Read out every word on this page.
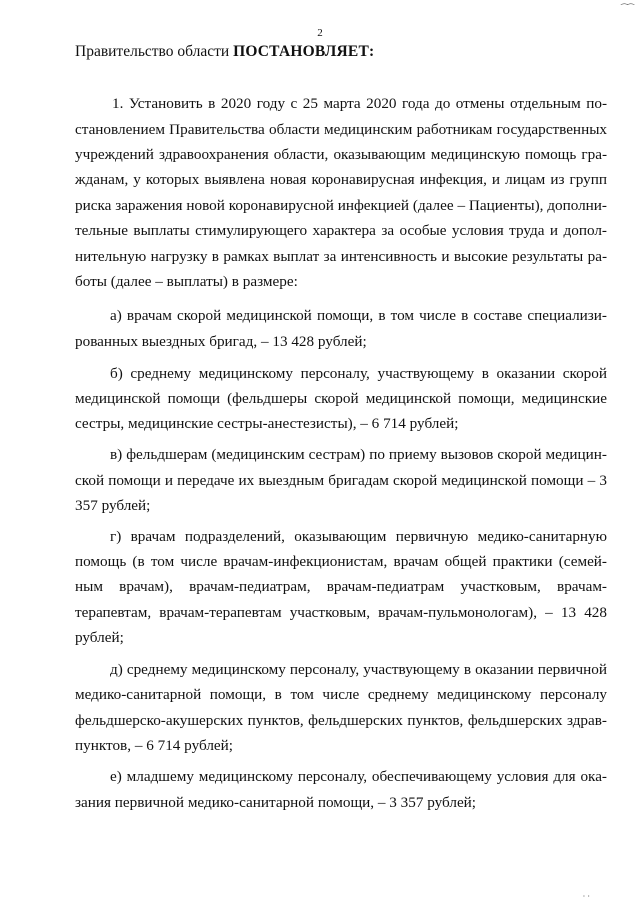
2
Правительство области ПОСТАНОВЛЯЕТ:
1. Установить в 2020 году с 25 марта 2020 года до отмены отдельным по-
становлением Правительства области медицинским работникам государственных
учреждений здравоохранения области, оказывающим медицинскую помощь гра-
жданам, у которых выявлена новая коронавирусная инфекция, и лицам из групп
риска заражения новой коронавирусной инфекцией (далее – Пациенты), дополни-
тельные выплаты стимулирующего характера за особые условия труда и допол-
нительную нагрузку в рамках выплат за интенсивность и высокие результаты ра-
боты (далее – выплаты) в размере:
а) врачам скорой медицинской помощи, в том числе в составе специализи-
рованных выездных бригад, – 13 428 рублей;
б) среднему медицинскому персоналу, участвующему в оказании скорой
медицинской помощи (фельдшеры скорой медицинской помощи, медицинские
сестры, медицинские сестры-анестезисты), – 6 714 рублей;
в) фельдшерам (медицинским сестрам) по приему вызовов скорой медицин-
ской помощи и передаче их выездным бригадам скорой медицинской помощи – 3
357 рублей;
г) врачам подразделений, оказывающим первичную медико-санитарную
помощь (в том числе врачам-инфекционистам, врачам общей практики (семей-
ным врачам), врачам-педиатрам, врачам-педиатрам участковым, врачам-
терапевтам, врачам-терапевтам участковым, врачам-пульмонологам), – 13 428
рублей;
д) среднему медицинскому персоналу, участвующему в оказании первичной
медико-санитарной помощи, в том числе среднему медицинскому персоналу
фельдшерско-акушерских пунктов, фельдшерских пунктов, фельдшерских здрав-
пунктов, – 6 714 рублей;
е) младшему медицинскому персоналу, обеспечивающему условия для ока-
зания первичной медико-санитарной помощи, – 3 357 рублей;
⁔⁔
· ·
